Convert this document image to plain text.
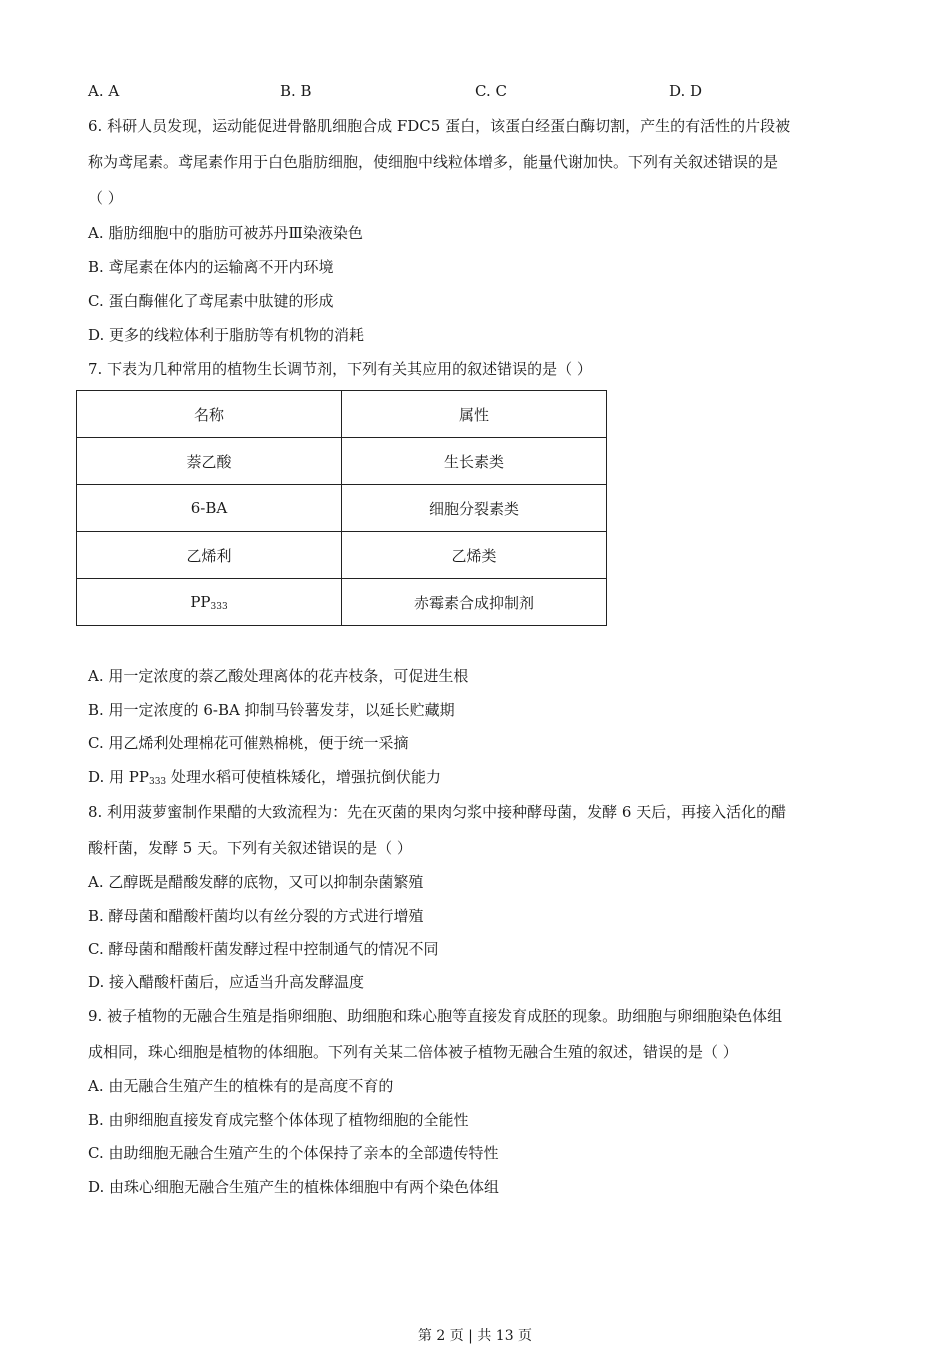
A. A	B. B	C. C	D. D
6. 科研人员发现，运动能促进骨骼肌细胞合成 FDC5 蛋白，该蛋白经蛋白酶切割，产生的有活性的片段被
称为鸢尾素。鸢尾素作用于白色脂肪细胞，使细胞中线粒体增多，能量代谢加快。下列有关叙述错误的是
（ ）
A. 脂肪细胞中的脂肪可被苏丹Ⅲ染液染色
B. 鸢尾素在体内的运输离不开内环境
C. 蛋白酶催化了鸢尾素中肽键的形成
D. 更多的线粒体利于脂肪等有机物的消耗
7. 下表为几种常用的植物生长调节剂，下列有关其应用的叙述错误的是（ ）
名称	属性
萘乙酸	生长素类
6-BA	细胞分裂素类
乙烯利	乙烯类
$PP_{333}$	赤霉素合成抑制剂
A. 用一定浓度的萘乙酸处理离体的花卉枝条，可促进生根
B. 用一定浓度的 6-BA 抑制马铃薯发芽，以延长贮藏期
C. 用乙烯利处理棉花可催熟棉桃，便于统一采摘
D. 用 $PP_{333}$ 处理水稻可使植株矮化，增强抗倒伏能力
8. 利用菠萝蜜制作果醋的大致流程为：先在灭菌的果肉匀浆中接种酵母菌，发酵 6 天后，再接入活化的醋
酸杆菌，发酵 5 天。下列有关叙述错误的是（ ）
A. 乙醇既是醋酸发酵的底物，又可以抑制杂菌繁殖
B. 酵母菌和醋酸杆菌均以有丝分裂的方式进行增殖
C. 酵母菌和醋酸杆菌发酵过程中控制通气的情况不同
D. 接入醋酸杆菌后，应适当升高发酵温度
9. 被子植物的无融合生殖是指卵细胞、助细胞和珠心胞等直接发育成胚的现象。助细胞与卵细胞染色体组
成相同，珠心细胞是植物的体细胞。下列有关某二倍体被子植物无融合生殖的叙述，错误的是（ ）
A. 由无融合生殖产生的植株有的是高度不育的
B. 由卵细胞直接发育成完整个体体现了植物细胞的全能性
C. 由助细胞无融合生殖产生的个体保持了亲本的全部遗传特性
D. 由珠心细胞无融合生殖产生的植株体细胞中有两个染色体组
第 2 页 | 共 13 页
